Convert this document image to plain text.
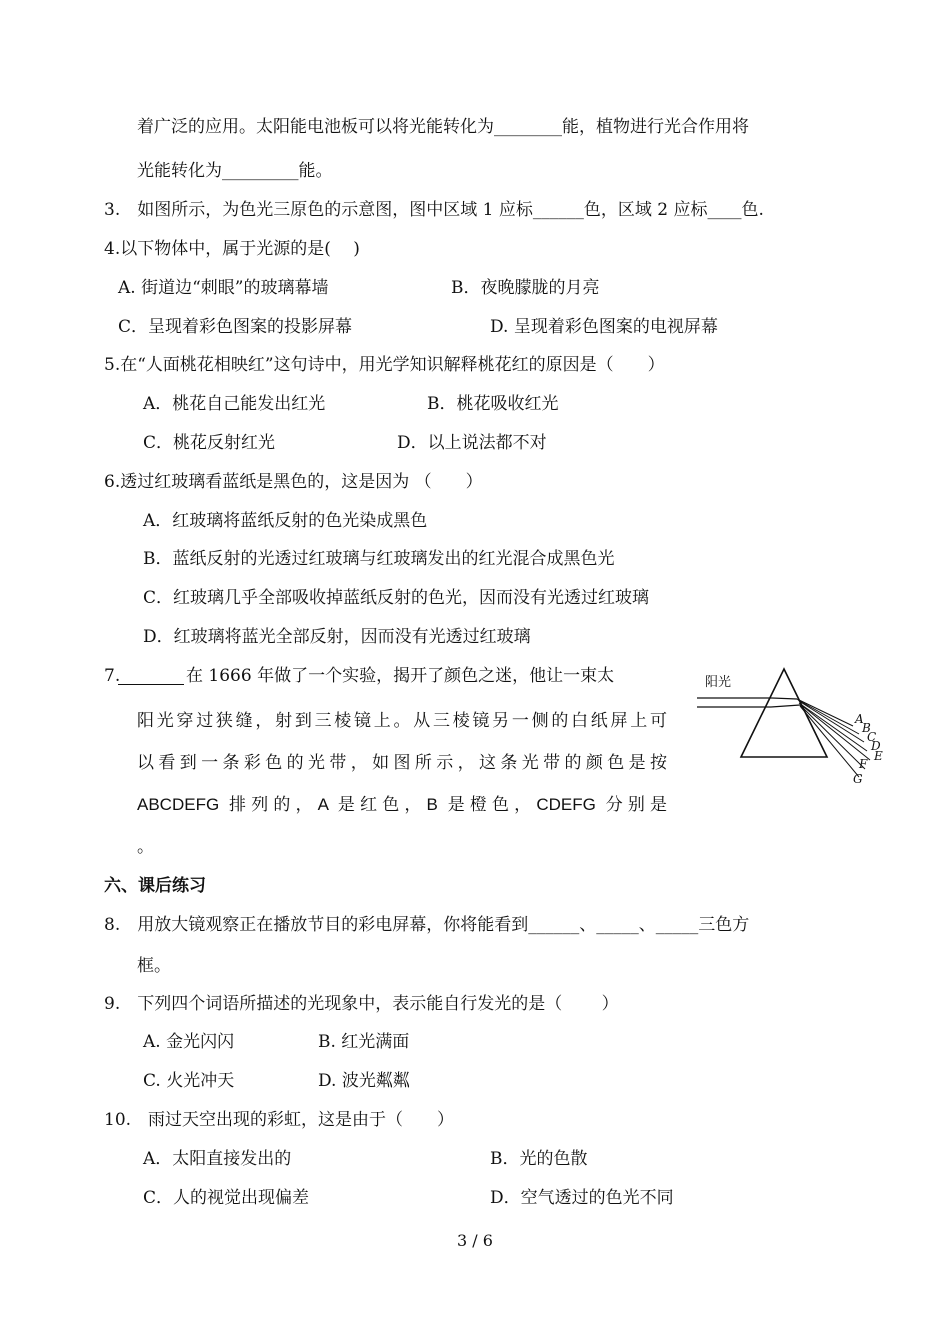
着广泛的应用。太阳能电池板可以将光能转化为________能，植物进行光合作用将
光能转化为_________能。
3.　如图所示，为色光三原色的示意图，图中区域 1 应标______色，区域 2 应标____色.
4.以下物体中，属于光源的是(　 )
A. 街道边“刺眼”的玻璃幕墙	B．夜晚朦胧的月亮
C．呈现着彩色图案的投影屏幕	D. 呈现着彩色图案的电视屏幕
5.在“人面桃花相映红”这句诗中，用光学知识解释桃花红的原因是（　　）
A．桃花自己能发出红光	B．桃花吸收红光
C．桃花反射红光	D．以上说法都不对
6.透过红玻璃看蓝纸是黑色的，这是因为 （　　）
A．红玻璃将蓝纸反射的色光染成黑色
B．蓝纸反射的光透过红玻璃与红玻璃发出的红光混合成黑色光
C．红玻璃几乎全部吸收掉蓝纸反射的色光，因而没有光透过红玻璃
D．红玻璃将蓝光全部反射，因而没有光透过红玻璃
7.	在 1666 年做了一个实验，揭开了颜色之迷，他让一束太
阳光穿过狭缝，射到三棱镜上。从三棱镜另一侧的白纸屏上可
以看到一条彩色的光带，如图所示，这条光带的颜色是按
ABCDEFG 排列的，A 是红色，B 是橙色，CDEFG 分别是
。
阳光
A
B
C
D
E
F
G
六、课后练习
8.　用放大镜观察正在播放节目的彩电屏幕，你将能看到______、_____、_____三色方
框。
9.　下列四个词语所描述的光现象中，表示能自行发光的是（　　 ）
A. 金光闪闪	B. 红光满面
C. 火光冲天	D. 波光粼粼
10.　雨过天空出现的彩虹，这是由于（　　）
A．太阳直接发出的	B．光的色散
C．人的视觉出现偏差	D．空气透过的色光不同
3 / 6
